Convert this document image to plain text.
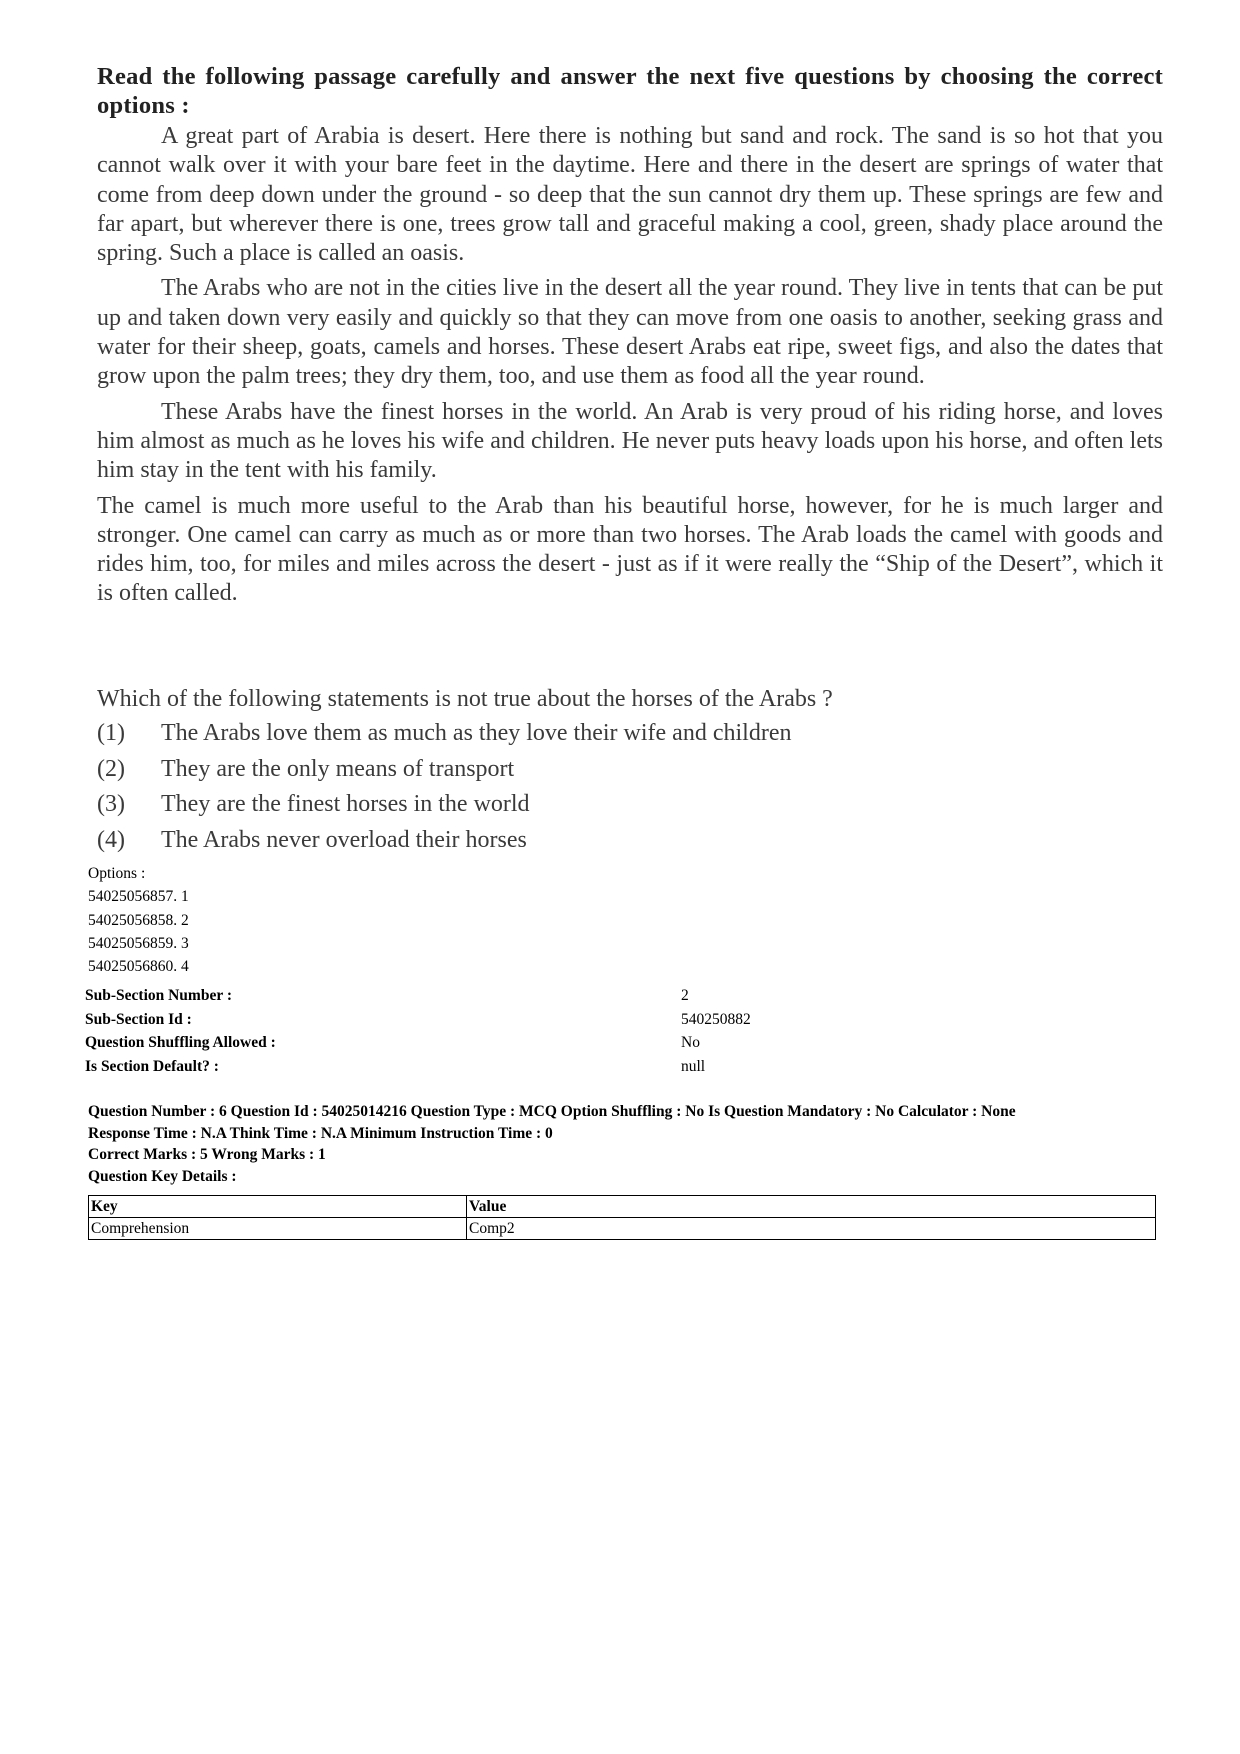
Read the following passage carefully and answer the next five questions by choosing the correct options :

A great part of Arabia is desert. Here there is nothing but sand and rock. The sand is so hot that you cannot walk over it with your bare feet in the daytime. Here and there in the desert are springs of water that come from deep down under the ground - so deep that the sun cannot dry them up. These springs are few and far apart, but wherever there is one, trees grow tall and graceful making a cool, green, shady place around the spring. Such a place is called an oasis.

The Arabs who are not in the cities live in the desert all the year round. They live in tents that can be put up and taken down very easily and quickly so that they can move from one oasis to another, seeking grass and water for their sheep, goats, camels and horses. These desert Arabs eat ripe, sweet figs, and also the dates that grow upon the palm trees; they dry them, too, and use them as food all the year round.

These Arabs have the finest horses in the world. An Arab is very proud of his riding horse, and loves him almost as much as he loves his wife and children. He never puts heavy loads upon his horse, and often lets him stay in the tent with his family.

The camel is much more useful to the Arab than his beautiful horse, however, for he is much larger and stronger. One camel can carry as much as or more than two horses. The Arab loads the camel with goods and rides him, too, for miles and miles across the desert - just as if it were really the “Ship of the Desert”, which it is often called.

Which of the following statements is not true about the horses of the Arabs ?

(1)	The Arabs love them as much as they love their wife and children
(2)	They are the only means of transport
(3)	They are the finest horses in the world
(4)	The Arabs never overload their horses
Options :
54025056857. 1
54025056858. 2
54025056859. 3
54025056860. 4
Sub-Section Number :	2
Sub-Section Id :	540250882
Question Shuffling Allowed :	No
Is Section Default? :	null
Question Number : 6 Question Id : 54025014216 Question Type : MCQ Option Shuffling : No Is Question Mandatory : No Calculator : None
Response Time : N.A Think Time : N.A Minimum Instruction Time : 0
Correct Marks : 5 Wrong Marks : 1
Question Key Details :
Key	Value
Comprehension	Comp2
